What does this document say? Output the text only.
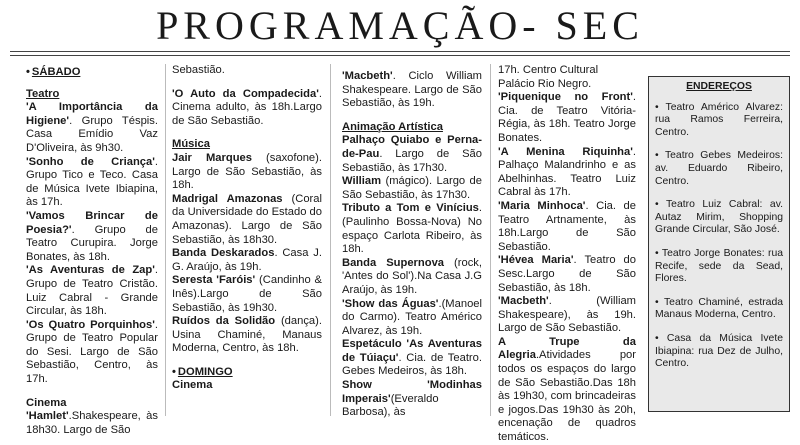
PROGRAMAÇÃO- SEC

• SÁBADO

Teatro

'A Importância da Higiene'. Grupo Téspis. Casa Emídio Vaz D'Oliveira, às 9h30.

'Sonho de Criança'. Grupo Tico e Teco. Casa de Música Ivete Ibiapina, às 17h.

'Vamos Brincar de Poesia?'. Grupo de Teatro Curupira. Jorge Bonates, às 18h.

'As Aventuras de Zap'. Grupo de Teatro Cristão. Luiz Cabral - Grande Circular, às 18h.

'Os Quatro Porquinhos'. Grupo de Teatro Popular do Sesi. Largo de São Sebastião, Centro, às 17h.

Cinema

'Hamlet'.Shakespeare, às 18h30. Largo de São

Sebastião.

'O Auto da Compadecida'. Cinema adulto, às 18h.Largo de São Sebastião.

Música

Jair Marques (saxofone). Largo de São Sebastião, às 18h.

Madrigal Amazonas (Coral da Universidade do Estado do Amazonas). Largo de São Sebastião, às 18h30.

Banda Deskarados. Casa J. G. Araújo, às 19h.

Seresta 'Faróis' (Candinho & Inês).Largo de São Sebastião, às 19h30.

Ruídos da Solidão (dança). Usina Chaminé, Manaus Moderna, Centro, às 18h.

• DOMINGO

Cinema

'Macbeth'. Ciclo William Shakespeare. Largo de São Sebastião, às 19h.

Animação Artística

Palhaço Quiabo e Perna-de-Pau. Largo de São Sebastião, às 17h30.

William (mágico). Largo de São Sebastião, às 17h30.

Tributo a Tom e Vinícius.(Paulinho Bossa-Nova) No espaço Carlota Ribeiro, às 18h.

Banda Supernova (rock, 'Antes do Sol').Na Casa J.G Araújo, às 19h.

'Show das Águas'.(Manoel do Carmo). Teatro Américo Alvarez, às 19h.

Espetáculo 'As Aventuras de Túiaçu'. Cia. de Teatro. Gebes Medeiros, às 18h.

Show 'Modinhas Imperais'(Everaldo Barbosa), às

17h. Centro Cultural Palácio Rio Negro.

'Piquenique no Front'. Cia. de Teatro Vitória-Régia, às 18h. Teatro Jorge Bonates.

'A Menina Riquinha'. Palhaço Malandrinho e as Abelhinhas. Teatro Luiz Cabral às 17h.

'Maria Minhoca'. Cia. de Teatro Artnamente, às 18h.Largo de São Sebastião.

'Hévea Maria'. Teatro do Sesc.Largo de São Sebastião, às 18h.

'Macbeth'. (William Shakespeare), às 19h. Largo de São Sebastião.

A Trupe da Alegria.Atividades por todos os espaços do largo de São Sebastião.Das 18h às 19h30, com brincadeiras e jogos.Das 19h30 às 20h, encenação de quadros temáticos.

ENDEREÇOS
• Teatro Américo Alvarez: rua Ramos Ferreira, Centro.
• Teatro Gebes Medeiros: av. Eduardo Ribeiro, Centro.
• Teatro Luiz Cabral: av. Autaz Mirim, Shopping Grande Circular, São José.
• Teatro Jorge Bonates: rua Recife, sede da Sead, Flores.
• Teatro Chaminé, estrada Manaus Moderna, Centro.
• Casa da Música Ivete Ibiapina: rua Dez de Julho, Centro.
